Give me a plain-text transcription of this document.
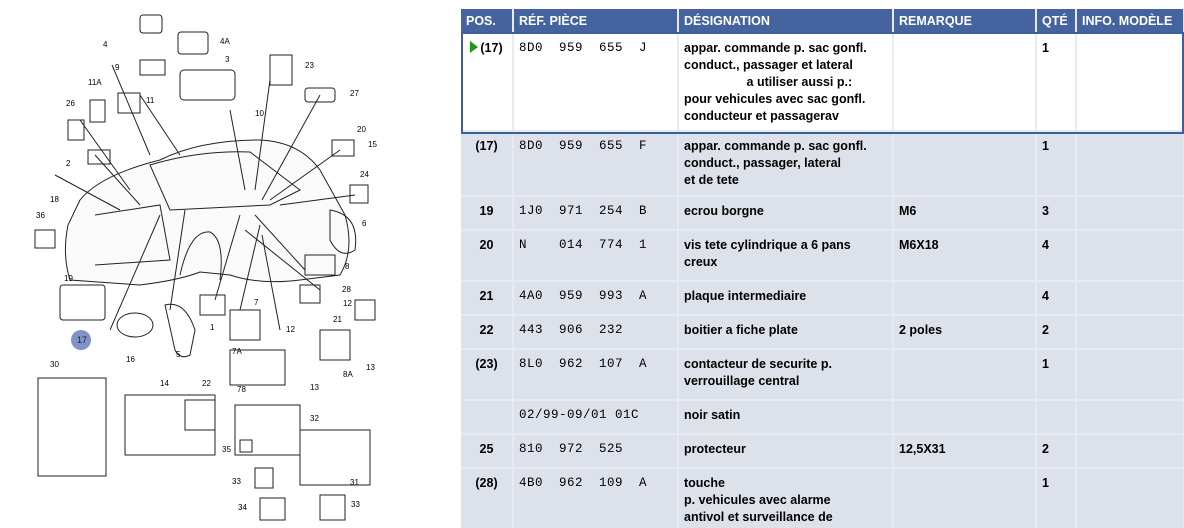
4	4A
9
3
23
11A
11
10
27
26
20
15
2
24
18
36
6
8
19
28
12
1
7
21
17
16
5	7A
12
8A
30
14	22
78	13
13
32
35
31
33
33
34
POS.	RÉF. PIÈCE	DÉSIGNATION	REMARQUE	QTÉ	INFO. MODÈLE
(17)	8D0  959  655  J	appar. commande p. sac gonfl.
conduct., passager et lateral
a utiliser aussi p.:
pour vehicules avec sac gonfl.
conducteur et passagerav		1	
(17)	8D0  959  655  F	appar. commande p. sac gonfl.
conduct., passager, lateral
et de tete		1	
19	1J0  971  254  B	ecrou borgne	M6	3	
20	N    014  774  1	vis tete cylindrique a 6 pans
creux	M6X18	4	
21	4A0  959  993  A	plaque intermediaire		4	
22	443  906  232	boitier a fiche plate	2 poles	2	
(23)	8L0  962  107  A	contacteur de securite p.
verrouillage central		1	
	02/99-09/01 01C	noir satin			
25	810  972  525	protecteur	12,5X31	2	
(28)	4B0  962  109  A	touche
p. vehicules avec alarme
antivol et surveillance de		1	
